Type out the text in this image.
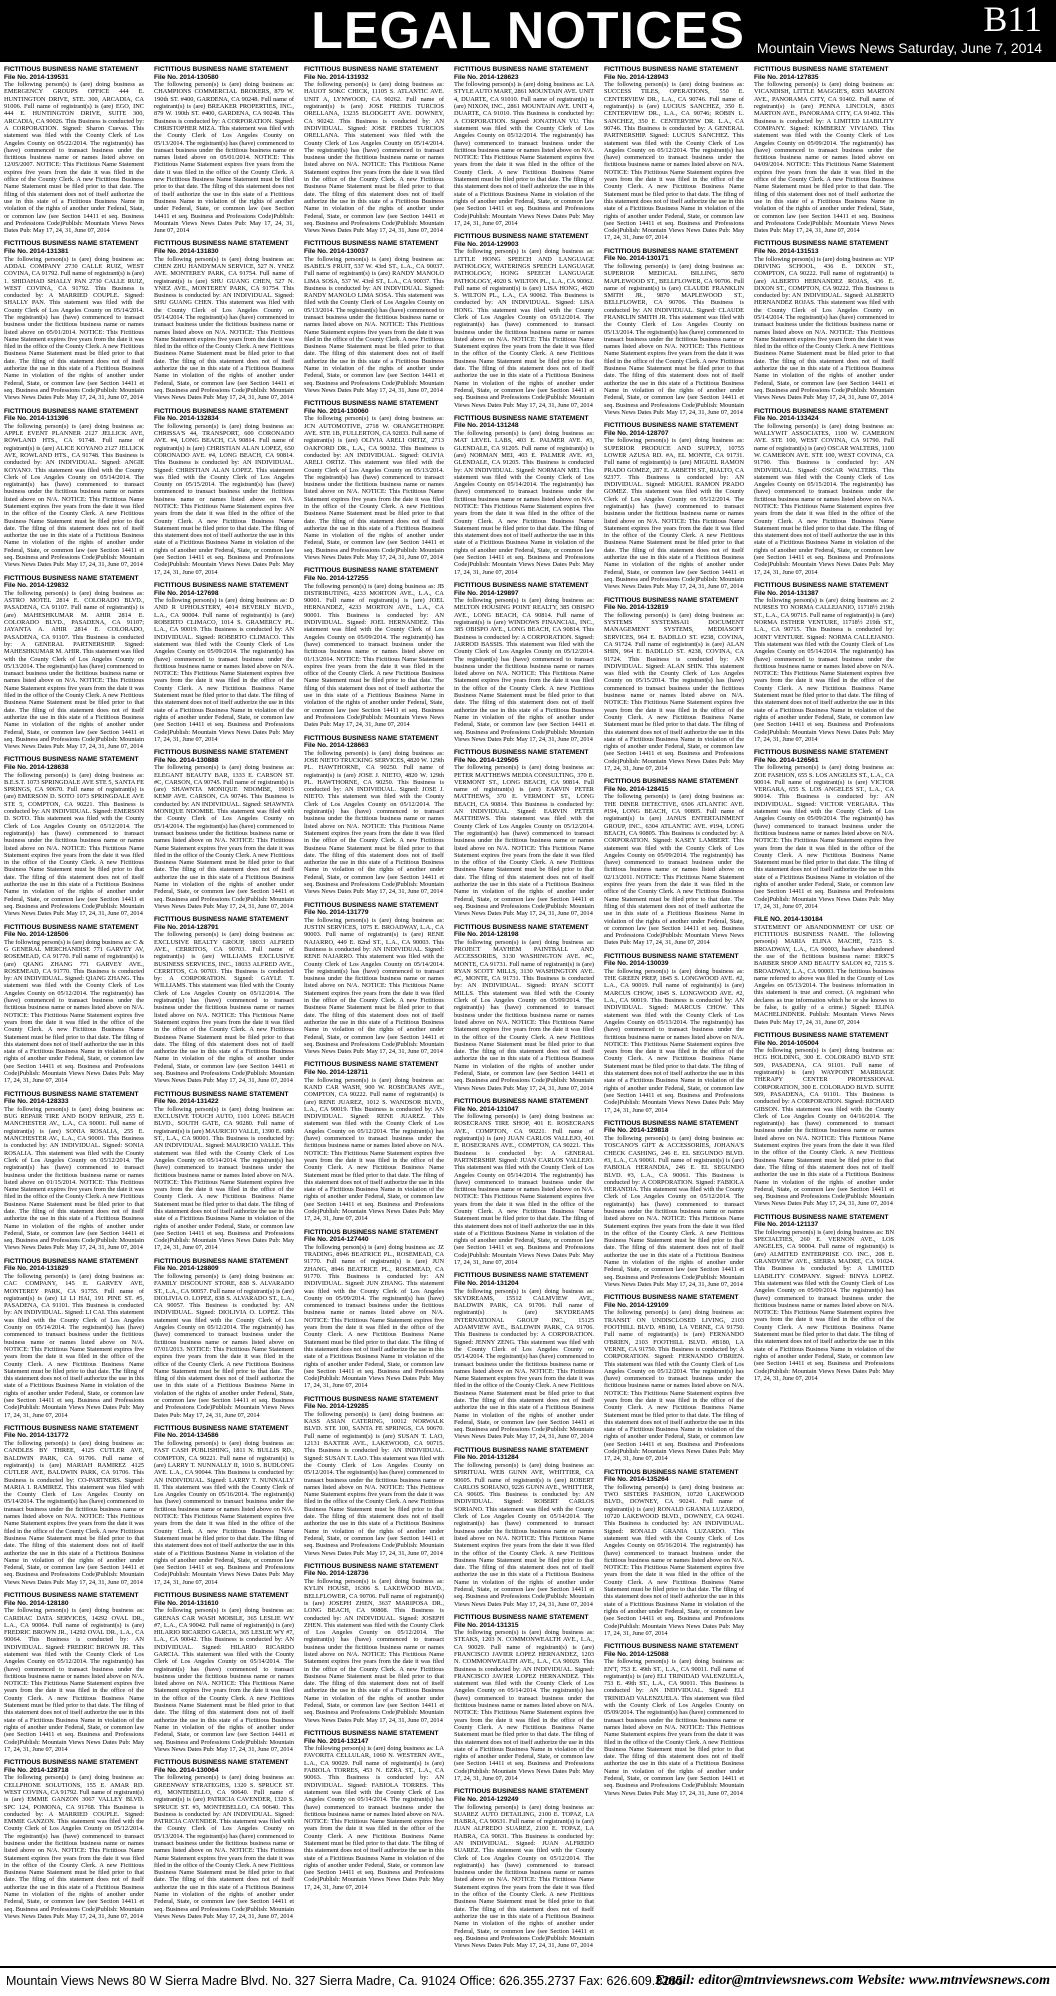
LEGAL NOTICES	B11
Mountain Views News Saturday, June 7, 2014
FICTITIOUS BUSINESS NAME STATEMENT File No. 2014-139531
The following person(s) is (are) doing business as EMERGENCY GROUPS OFFICE 444 E. HUNTINGTON DRIVE, STE. 300, ARCADIA, CA 91006. Full name of registrant(s) is (are) EGO, INC 444 E. HUNTINGTON DRIVE, SUITE 300, ARCADIA, CA 90026. This Business is conducted by: A CORPORATION. Signed: Sharon Cuevas. This statement was filed with the County Clerk of Los Angeles County on 05/22/2014. The registrant(s) has (have) commenced to transact business under the fictitious business name or names listed above on 12/05/2007. NOTICE: This Fictitious Name Statement expires five years from the date it was filed in the office of the County Clerk. A new Fictitious Business Name Statement must be filed prior to that date. The filing of this statement does not of itself authorize the use in this state of a Fictitious Business Name in violation of the rights of another under Federal, State, or common law (see Section 14411 et seq. Business and Professions Code)Publish: Mountain Views News Dates Pub: May 17, 24, 31, June 07, 2014
FICTITIOUS BUSINESS NAME STATEMENT File No. 2014-131381
The following person(s) is (are) doing business as: ADDAL COMPANY 2730 CALLE RUIZ, WEST COVINA, CA 91792. Full name of registrant(s) is (are) 1. SHIDAHAD SHALLY PAN 2730 CALLE RUIZ, WEST COVINA, CA 91792. This Business is conducted by: A MARRIED COUPLE. Signed: SHALLY PAN. This statement was filed with the County Clerk of Los Angeles County on 05/14/2014. The registrant(s) has (have) commenced to transact business under the fictitious business name or names listed above on 05/01/2014. NOTICE: This Fictitious Name Statement expires five years from the date it was filed in the office of the County Clerk. A new Fictitious Business Name Statement must be filed prior to that date. The filing of this statement does not of itself authorize the use in this state of a Fictitious Business Name in violation of the rights of another under Federal, State, or common law (see Section 14411 et seq. Business and Professions Code)Publish: Mountain Views News Dates Pub: May 17, 24, 31, June 07, 2014
FICTITIOUS BUSINESS NAME STATEMENT File No. 2014-131396
The following person(s) is (are) doing business as: APPLE EVENT PLANNER 2127 JELLICK AVE, ROWLAND HTS., CA 91748. Full name of registrant(s) is (are) ALICE KOYANO 2127 JELLICK AVE, ROWLAND HTS., CA 91748. This Business is conducted by: AN INDIVIDUAL. Signed: ANGIE KOYANO. This statement was filed with the County Clerk of Los Angeles County on 05/14/2014. The registrant(s) has (have) commenced to transact business under the fictitious business name or names listed above on N/A. NOTICE: This Fictitious Name Statement expires five years from the date it was filed in the office of the County Clerk. A new Fictitious Business Name Statement must be filed prior to that date. The filing of this statement does not of itself authorize the use in this state of a Fictitious Business Name in violation of the rights of another under Federal, State, or common law (see Section 14411 et seq. Business and Professions Code)Publish: Mountain Views News Dates Pub: May 17, 24, 31, June 07, 2014
FICTITIOUS BUSINESS NAME STATEMENT File No. 2014-129832
The following person(s) is (are) doing business as: ASTRO MOTEL 2814 E. COLORADO BLVD., PASADENA, CA 91107. Full name of registrant(s) is (are) MAHESHKUMAR M. AHIR 2814 E. COLORADO BLVD., PASADENA, CA 91107; JAYANTA A. AHIR 2814 E. COLORADO, PASADENA, CA 91107. This Business is conducted by: A GENERAL PARTNERSHIP. Signed: MAHESHKUMAR M. AHIR. This statement was filed with the County Clerk of Los Angeles County on 05/13/2014. The registrant(s) has (have) commenced to transact business under the fictitious business name or names listed above on N/A. NOTICE: This Fictitious Name Statement expires five years from the date it was filed in the office of the County Clerk. A new Fictitious Business Name Statement must be filed prior to that date. The filing of this statement does not of itself authorize the use in this state of a Fictitious Business Name in violation of the rights of another under Federal, State, or common law (see Section 14411 et seq. Business and Professions Code)Publish: Mountain Views News Dates Pub: May 17, 24, 31, June 07, 2014
FICTITIOUS BUSINESS NAME STATEMENT File No. 2014-128638
The following person(s) is (are) doing business as: B.E.S.T. 1073 SPRINGDALE AVE STE 5, SANTA FE SPRINGS, CA 90670. Full name of registrant(s) is (are) EMERSON D. SOTO 1073 SPRINGDALE AVE STE 5, COMPTON, CA 90221. This Business is conducted by: AN INDIVIDUAL. Signed: EMERSON D. SOTO. This statement was filed with the County Clerk of Los Angeles County on 05/12/2014. The registrant(s) has (have) commenced to transact business under the fictitious business name or names listed above on N/A. NOTICE: This Fictitious Name Statement expires five years from the date it was filed in the office of the County Clerk. A new Fictitious Business Name Statement must be filed prior to that date. The filing of this statement does not of itself authorize the use in this state of a Fictitious Business Name in violation of the rights of another under Federal, State, or common law (see Section 14411 et seq. Business and Professions Code)Publish: Mountain Views News Dates Pub: May 17, 24, 31, June 07, 2014
FICTITIOUS BUSINESS NAME STATEMENT File No. 2014-128506
The following person(s) is (are) doing business as: C & G GENERAL MERCHANDISE 771 GARVEY AV, ROSEMEAD, CA 91770. Full name of registrant(s) is (are) QIANG ZHANG 771 GARVEY AVE., ROSEMEAD, CA 91770. This Business is conducted by: AN INDIVIDUAL. Signed: QIANG ZHANG. This statement was filed with the County Clerk of Los Angeles County on 05/12/2014. The registrant(s) has (have) commenced to transact business under the fictitious business name or names listed above on N/A. NOTICE: This Fictitious Name Statement expires five years from the date it was filed in the office of the County Clerk. A new Fictitious Business Name Statement must be filed prior to that date. The filing of this statement does not of itself authorize the use in this state of a Fictitious Business Name in violation of the rights of another under Federal, State, or common law (see Section 14411 et seq. Business and Professions Code)Publish: Mountain Views News Dates Pub: May 17, 24, 31, June 07, 2014
FICTITIOUS BUSINESS NAME STATEMENT File No. 2014-128333
The following person(s) is (are) doing business as: BUG REPAIR TIRE AND BODY REPAIR, 255 E. MANCHESTER AV., L.A., CA 90001. Full name of registrant(s) is (are) SONIA ROSALIA, 255 E. MANCHESTER AV., L.A., CA 90001. This Business is conducted by: AN INDIVIDUAL. Signed: SONIA ROSALIA. This statement was filed with the County Clerk of Los Angeles County on 05/12/2014. The registrant(s) has (have) commenced to transact business under the fictitious business name or names listed above on 01/15/2014. NOTICE: This Fictitious Name Statement expires five years from the date it was filed in the office of the County Clerk. A new Fictitious Business Name Statement must be filed prior to that date. The filing of this statement does not of itself authorize the use in this state of a Fictitious Business Name in violation of the rights of another under Federal, State, or common law (see Section 14411 et seq. Business and Professions Code)Publish: Mountain Views News Dates Pub: May 17, 24, 31, June 07, 2014
FICTITIOUS BUSINESS NAME STATEMENT File No. 2014-131829
The following person(s) is (are) doing business as: CAC COMPANY, 145 E. GARVEY AVE, MONTEREY PARK, CA 91755. Full name of registrant(s) is (are) LI LI HAI, 191 PINE ST. #5, PASADENA, CA 91101. This Business is conducted by: AN INDIVIDUAL. Signed: LI CAI. This statement was filed with the County Clerk of Los Angeles County on 05/14/2014. The registrant(s) has (have) commenced to transact business under the fictitious business name or names listed above on N/A. NOTICE: This Fictitious Name Statement expires five years from the date it was filed in the office of the County Clerk. A new Fictitious Business Name Statement must be filed prior to that date. The filing of this statement does not of itself authorize the use in this state of a Fictitious Business Name in violation of the rights of another under Federal, State, or common law (see Section 14411 et seq. Business and Professions Code)Publish: Mountain Views News Dates Pub: May 17, 24, 31, June 07, 2014
FICTITIOUS BUSINESS NAME STATEMENT File No. 2014-131772
The following person(s) is (are) doing business as: CANDLES BY THREE, 4125 CUTLER AVE, BALDWIN PARK, CA 91706. Full name of registrant(s) is (are) MARIAH RAMIREZ 4125 CUTLER AVE, BALDWIN PARK, CA 91706. This Business is conducted by: CO-PARTNERS. Signed: MARIA I. RAMIREZ. This statement was filed with the County Clerk of Los Angeles County on 05/14/2014. The registrant(s) has (have) commenced to transact business under the fictitious business name or names listed above on N/A. NOTICE: This Fictitious Name Statement expires five years from the date it was filed in the office of the County Clerk. A new Fictitious Business Name Statement must be filed prior to that date. The filing of this statement does not of itself authorize the use in this state of a Fictitious Business Name in violation of the rights of another under Federal, State, or common law (see Section 14411 et seq. Business and Professions Code)Publish: Mountain Views News Dates Pub: May 17, 24, 31, June 07, 2014
FICTITIOUS BUSINESS NAME STATEMENT File No. 2014-128180
The following person(s) is (are) doing business as: CARDIAC DATA SERVICES, 14292 OVAL DR., L.A., CA 90064. Full name of registrant(s) is (are) FREDRIC BROWN JR., 14292 OVAL DR., L.A., CA 90064. This Business is conducted by: AN INDIVIDUAL. Signed: FREDRIC BROWN JR. This statement was filed with the County Clerk of Los Angeles County on 05/12/2014. The registrant(s) has (have) commenced to transact business under the fictitious business name or names listed above on N/A. NOTICE: This Fictitious Name Statement expires five years from the date it was filed in the office of the County Clerk. A new Fictitious Business Name Statement must be filed prior to that date. The filing of this statement does not of itself authorize the use in this state of a Fictitious Business Name in violation of the rights of another under Federal, State, or common law (see Section 14411 et seq. Business and Professions Code)Publish: Mountain Views News Dates Pub: May 17, 24, 31, June 07, 2014
FICTITIOUS BUSINESS NAME STATEMENT File No. 2014-128718
The following person(s) is (are) doing business as: CELLPHONE SOLUTIONS, 155 E. AMAR RD. WEST COVINA, CA 91792. Full name of registrant(s) is (are) EMMIE GANZON 3067 VALLEY BLVD. SPC 124, POMONA, CA 91768. This Business is conducted by: A MARRIED COUPLE. Signed: EMMIE GANZON. This statement was filed with the County Clerk of Los Angeles County on 05/12/2014. The registrant(s) has (have) commenced to transact business under the fictitious business name or names listed above on N/A. NOTICE: This Fictitious Name Statement expires five years from the date it was filed in the office of the County Clerk. A new Fictitious Business Name Statement must be filed prior to that date. The filing of this statement does not of itself authorize the use in this state of a Fictitious Business Name in violation of the rights of another under Federal, State, or common law (see Section 14411 et seq. Business and Professions Code)Publish: Mountain Views News Dates Pub: May 17, 24, 31, June 07, 2014
FICTITIOUS BUSINESS NAME STATEMENT File No. 2014-130580
The following person(s) is (are) doing business as: CHAMPIONS COMMERCIAL BROKERS, 879 W. 190th ST. #400, GARDENA, CA 90248. Full name of registrant(s) is (are) BREAKER PROPERTIES, INC., 879 W. 190th ST. #400, GARDENA, CA 90248. This Business is conducted by: A CORPORATION. Signed: CHRISTOPHER MIZA. This statement was filed with the County Clerk of Los Angeles County on 05/13/2014. The registrant(s) has (have) commenced to transact business under the fictitious business name or names listed above on 05/01/2014. NOTICE: This Fictitious Name Statement expires five years from the date it was filed in the office of the County Clerk. A new Fictitious Business Name Statement must be filed prior to that date. The filing of this statement does not of itself authorize the use in this state of a Fictitious Business Name in violation of the rights of another under Federal, State, or common law (see Section 14411 et seq. Business and Professions Code)Publish: Mountain Views News Dates Pub: May 17, 24, 31, June 07, 2014
FICTITIOUS BUSINESS NAME STATEMENT File No. 2014-131830
The following person(s) is (are) doing business as: CHEN ZHU HANDYMAN SERVICE, 527 N. YNEZ AVE. MONTEREY PARK, CA 91754. Full name of registrant(s) is (are) SHU GUANG CHEN, 527 N. YNEZ AVE., MONTEREY PARK, CA 91754. This Business is conducted by: AN INDIVIDUAL. Signed: SHU GUANG CHEN. This statement was filed with the County Clerk of Los Angeles County on 05/14/2014. The registrant(s) has (have) commenced to transact business under the fictitious business name or names listed above on N/A. NOTICE: This Fictitious Name Statement expires five years from the date it was filed in the office of the County Clerk. A new Fictitious Business Name Statement must be filed prior to that date. The filing of this statement does not of itself authorize the use in this state of a Fictitious Business Name in violation of the rights of another under Federal, State, or common law (see Section 14411 et seq. Business and Professions Code)Publish: Mountain Views News Dates Pub: May 17, 24, 31, June 07, 2014
FICTITIOUS BUSINESS NAME STATEMENT File No. 2014-132834
The following person(s) is (are) doing business as: CHRISSA'S 44, TRANSPORT, 600 CORONADO AVE. #4, LONG BEACH, CA 90814. Full name of registrant(s) is (are) CHRISTIAN ALAN LOPEZ, 650 CORONADO AVE. #4, LONG BEACH, CA 90814. This Business is conducted by: AN INDIVIDUAL. Signed: CHRISTIAN ALAN LOPEZ. This statement was filed with the County Clerk of Los Angeles County on 05/15/2014. The registrant(s) has (have) commenced to transact business under the fictitious business name or names listed above on N/A. NOTICE: This Fictitious Name Statement expires five years from the date it was filed in the office of the County Clerk. A new Fictitious Business Name Statement must be filed prior to that date. The filing of this statement does not of itself authorize the use in this state of a Fictitious Business Name in violation of the rights of another under Federal, State, or common law (see Section 14411 et seq. Business and Professions Code)Publish: Mountain Views News Dates Pub: May 17, 24, 31, June 07, 2014
FICTITIOUS BUSINESS NAME STATEMENT File No. 2014-127698
The following person(s) is (are) doing business as: D AND R UPHOLSTERY, 4014 BEVERLY BLVD., L.A., CA 90004. Full name of registrant(s) is (are) ROBERTO CLIMACO, 1014 S. GRAMERCY PL. L.A., CA 90019. This Business is conducted by: AN INDIVIDUAL. Signed: ROBERTO CLIMACO. This statement was filed with the County Clerk of Los Angeles County on 05/09/2014. The registrant(s) has (have) commenced to transact business under the fictitious business name or names listed above on N/A. NOTICE: This Fictitious Name Statement expires five years from the date it was filed in the office of the County Clerk. A new Fictitious Business Name Statement must be filed prior to that date. The filing of this statement does not of itself authorize the use in this state of a Fictitious Business Name in violation of the rights of another under Federal, State, or common law (see Section 14411 et seq. Business and Professions Code)Publish: Mountain Views News Dates Pub: May 17, 24, 31, June 07, 2014
FICTITIOUS BUSINESS NAME STATEMENT File No. 2014-130888
The following person(s) is (are) doing business as: ELEGANT BEAUTY BAR, 1333 E. CARSON ST. #C, CARSON, CA 90745. Full name of registrant(s) is (are) SHAWNTA MONIQUE NDOMBE, 19015 KEMP AVE. CARSON, CA 90746. This Business is conducted by: AN INDIVIDUAL. Signed: SHAWNTA MONIQUE NDOMBE. This statement was filed with the County Clerk of Los Angeles County on 05/14/2014. The registrant(s) has (have) commenced to transact business under the fictitious business name or names listed above on N/A. NOTICE: This Fictitious Name Statement expires five years from the date it was filed in the office of the County Clerk. A new Fictitious Business Name Statement must be filed prior to that date. The filing of this statement does not of itself authorize the use in this state of a Fictitious Business Name in violation of the rights of another under Federal, State, or common law (see Section 14411 et seq. Business and Professions Code)Publish: Mountain Views News Dates Pub: May 17, 24, 31, June 07, 2014
FICTITIOUS BUSINESS NAME STATEMENT File No. 2014-128791
The following person(s) is (are) doing business as: EXCLUSIVE REALTY GROUP, 18033 ALFRED AVE., CERRITOS, CA 90703. Full name of registrant(s) is (are) WILLIAMS EXCLUSIVE BUSINESS SERVICES, INC., 18033 ALFRED AVE., CERRITOS, CA 90703. This Business is conducted by: A CORPORATION. Signed: GAYLE T. WILLIAMS. This statement was filed with the County Clerk of Los Angeles County on 05/12/2014. The registrant(s) has (have) commenced to transact business under the fictitious business name or names listed above on N/A. NOTICE: This Fictitious Name Statement expires five years from the date it was filed in the office of the County Clerk. A new Fictitious Business Name Statement must be filed prior to that date. The filing of this statement does not of itself authorize the use in this state of a Fictitious Business Name in violation of the rights of another under Federal, State, or common law (see Section 14411 et seq. Business and Professions Code)Publish: Mountain Views News Dates Pub: May 17, 24, 31, June 07, 2014
FICTITIOUS BUSINESS NAME STATEMENT File No. 2014-131422
The following person(s) is (are) doing business as: EXCLUSIVE TOUCH AUTO, 1101 LONG BEACH BLVD., SOUTH GATE, CA 90280. Full name of registrant(s) is (are) MAURICIO VALLE, 1390 E. 68th ST., L.A., CA 90001. This Business is conducted by: AN INDIVIDUAL. Signed: MAURICIO VALLE. This statement was filed with the County Clerk of Los Angeles County on 05/14/2014. The registrant(s) has (have) commenced to transact business under the fictitious business name or names listed above on N/A. NOTICE: This Fictitious Name Statement expires five years from the date it was filed in the office of the County Clerk. A new Fictitious Business Name Statement must be filed prior to that date. The filing of this statement does not of itself authorize the use in this state of a Fictitious Business Name in violation of the rights of another under Federal, State, or common law (see Section 14411 et seq. Business and Professions Code)Publish: Mountain Views News Dates Pub: May 17, 24, 31, June 07, 2014
FICTITIOUS BUSINESS NAME STATEMENT File No. 2014-128809
The following person(s) is (are) doing business as: FAMILY DISCOUNT STORE, 838 S. ALVARADO ST., L.A., CA 90057. Full name of registrant(s) is (are) DIOLIVIA O. LOPEZ, 838 S. ALVARADO ST., L.A., CA 90057. This Business is conducted by: AN INDIVIDUAL. Signed: DIOLIVIA O. LOPEZ. This statement was filed with the County Clerk of Los Angeles County on 05/12/2014. The registrant(s) has (have) commenced to transact business under the fictitious business name or names listed above on 07/01/2013. NOTICE: This Fictitious Name Statement expires five years from the date it was filed in the office of the County Clerk. A new Fictitious Business Name Statement must be filed prior to that date. The filing of this statement does not of itself authorize the use in this state of a Fictitious Business Name in violation of the rights of another under Federal, State, or common law (see Section 14411 et seq. Business and Professions Code)Publish: Mountain Views News Dates Pub: May 17, 24, 31, June 07, 2014
FICTITIOUS BUSINESS NAME STATEMENT File No. 2014-134586
The following person(s) is (are) doing business as: FAST CASH PUBLISHING, 1811 N. BULLIS RD., COMPTON, CA 90221. Full name of registrant(s) is (are) LARRY T. NUNNALLY II, 1010 S. BUDLONG AVE. L.A., CA 90044. This Business is conducted by: AN INDIVIDUAL. Signed: LARRY T. NUNNALLY II. This statement was filed with the County Clerk of Los Angeles County on 05/16/2014. The registrant(s) has (have) commenced to transact business under the fictitious business name or names listed above on N/A. NOTICE: This Fictitious Name Statement expires five years from the date it was filed in the office of the County Clerk. A new Fictitious Business Name Statement must be filed prior to that date. The filing of this statement does not of itself authorize the use in this state of a Fictitious Business Name in violation of the rights of another under Federal, State, or common law (see Section 14411 et seq. Business and Professions Code)Publish: Mountain Views News Dates Pub: May 17, 24, 31, June 07, 2014
FICTITIOUS BUSINESS NAME STATEMENT File No. 2014-131610
The following person(s) is (are) doing business as: GRENAS CAR WASH MOBILE, 365 LESLIE WY #7, L.A., CA 90042. Full name of registrant(s) is (are) HILARIO RICARDO GARCIA, 365 LESLIE WY #7, L.A., CA 90042. This Business is conducted by: AN INDIVIDUAL. Signed: HILARIO RICARDO GARCIA. This statement was filed with the County Clerk of Los Angeles County on 05/14/2014. The registrant(s) has (have) commenced to transact business under the fictitious business name or names listed above on N/A. NOTICE: This Fictitious Name Statement expires five years from the date it was filed in the office of the County Clerk. A new Fictitious Business Name Statement must be filed prior to that date. The filing of this statement does not of itself authorize the use in this state of a Fictitious Business Name in violation of the rights of another under Federal, State, or common law (see Section 14411 et seq. Business and Professions Code)Publish: Mountain Views News Dates Pub: May 17, 24, 31, June 07, 2014
FICTITIOUS BUSINESS NAME STATEMENT File No. 2014-130064
The following person(s) is (are) doing business as: GREENWAY STRATEGIES, 1320 S. SPRUCE ST. #3, MONTEBELLO, CA 90640. Full name of registrant(s) is (are) PATRICIA CAVENDER, 1320 S. SPRUCE ST. #3, MONTEBELLO, CA 90640. This Business is conducted by: AN INDIVIDUAL. Signed: PATRICIA CAVENDER. This statement was filed with the County Clerk of Los Angeles County on 05/13/2014. The registrant(s) has (have) commenced to transact business under the fictitious business name or names listed above on N/A. NOTICE: This Fictitious Name Statement expires five years from the date it was filed in the office of the County Clerk. A new Fictitious Business Name Statement must be filed prior to that date. The filing of this statement does not of itself authorize the use in this state of a Fictitious Business Name in violation of the rights of another under Federal, State, or common law (see Section 14411 et seq. Business and Professions Code)Publish: Mountain Views News Dates Pub: May 17, 24, 31, June 07, 2014
FICTITIOUS BUSINESS NAME STATEMENT File No. 2014-131932
The following person(s) is (are) doing business as: HAUOT SOKC CHICK, 11105 S. ATLANTIC AVE. UNIT A, LYNWOOD, CA 90262. Full name of registrant(s) is (are) JOSE FREDIS TURCIOS ORELLANA, 13235 BLODGETT AVE. DOWNEY, CA 90242. This Business is conducted by: AN INDIVIDUAL. Signed: JOSE FREDIS TURCIOS ORELLANA. This statement was filed with the County Clerk of Los Angeles County on 05/14/2014. The registrant(s) has (have) commenced to transact business under the fictitious business name or names listed above on N/A. NOTICE: This Fictitious Name Statement expires five years from the date it was filed in the office of the County Clerk. A new Fictitious Business Name Statement must be filed prior to that date. The filing of this statement does not of itself authorize the use in this state of a Fictitious Business Name in violation of the rights of another under Federal, State, or common law (see Section 14411 et seq. Business and Professions Code)Publish: Mountain Views News Dates Pub: May 17, 24, 31, June 07, 2014
FICTITIOUS BUSINESS NAME STATEMENT File No. 2014-130037
The following person(s) is (are) doing business as: ISABEL'S FRUIT, 537 W. 43rd ST., L.A., CA 90037. Full name of registrant(s) is (are) RANDY MANOLO LIMA SOSA, 537 W. 43rd ST., L.A., CA 90037. This Business is conducted by: AN INDIVIDUAL. Signed: RANDY MANOLO LIMA SOSA. This statement was filed with the County Clerk of Los Angeles County on 05/13/2014. The registrant(s) has (have) commenced to transact business under the fictitious business name or names listed above on N/A. NOTICE: This Fictitious Name Statement expires five years from the date it was filed in the office of the County Clerk. A new Fictitious Business Name Statement must be filed prior to that date. The filing of this statement does not of itself authorize the use in this state of a Fictitious Business Name in violation of the rights of another under Federal, State, or common law (see Section 14411 et seq. Business and Professions Code)Publish: Mountain Views News Dates Pub: May 17, 24, 31, June 07, 2014
FICTITIOUS BUSINESS NAME STATEMENT File No. 2014-130060
The following person(s) is (are) doing business as: JCN AUTOMOTIVE, 2718 W. ORANGETHORPE AVE. STE 1B, FULLERTON, CA 92833. Full name of registrant(s) is (are) OLIVIA ARELI ORTIZ, 2713 OAKFORD DR., L.A., CA 90032. This Business is conducted by: AN INDIVIDUAL. Signed: OLIVIA ARELI ORTIZ. This statement was filed with the County Clerk of Los Angeles County on 05/13/2014. The registrant(s) has (have) commenced to transact business under the fictitious business name or names listed above on N/A. NOTICE: This Fictitious Name Statement expires five years from the date it was filed in the office of the County Clerk. A new Fictitious Business Name Statement must be filed prior to that date. The filing of this statement does not of itself authorize the use in this state of a Fictitious Business Name in violation of the rights of another under Federal, State, or common law (see Section 14411 et seq. Business and Professions Code)Publish: Mountain Views News Dates Pub: May 17, 24, 31, June 07, 2014
FICTITIOUS BUSINESS NAME STATEMENT File No. 2014-127255
The following person(s) is (are) doing business as: JB DISTRIBUTING, 4233 MORTON AVE., L.A., CA 90001. Full name of registrant(s) is (are) JOEL HERNANDEZ, 4233 MORTON AVE., L.A., CA 90001. This Business is conducted by: AN INDIVIDUAL. Signed: JOEL HERNANDEZ. This statement was filed with the County Clerk of Los Angeles County on 05/09/2014. The registrant(s) has (have) commenced to transact business under the fictitious business name or names listed above on 01/13/2014. NOTICE: This Fictitious Name Statement expires five years from the date it was filed in the office of the County Clerk. A new Fictitious Business Name Statement must be filed prior to that date. The filing of this statement does not of itself authorize the use in this state of a Fictitious Business Name in violation of the rights of another under Federal, State, or common law (see Section 14411 et seq. Business and Professions Code)Publish: Mountain Views News Dates Pub: May 17, 24, 31, June 07, 2014
FICTITIOUS BUSINESS NAME STATEMENT File No. 2014-128663
The following person(s) is (are) doing business as: JOSE NIETO TRUCKING SERVICES, 4820 W. 129th PL. HAWTHORNE, CA 90250. Full name of registrant(s) is (are) JOSE J. NIETO, 4820 W. 129th PL. HAWTHORNE, CA 90250. This Business is conducted by: AN INDIVIDUAL. Signed: JOSE J. NIETO. This statement was filed with the County Clerk of Los Angeles County on 05/12/2014. The registrant(s) has (have) commenced to transact business under the fictitious business name or names listed above on N/A. NOTICE: This Fictitious Name Statement expires five years from the date it was filed in the office of the County Clerk. A new Fictitious Business Name Statement must be filed prior to that date. The filing of this statement does not of itself authorize the use in this state of a Fictitious Business Name in violation of the rights of another under Federal, State, or common law (see Section 14411 et seq. Business and Professions Code)Publish: Mountain Views News Dates Pub: May 17, 24, 31, June 07, 2014
FICTITIOUS BUSINESS NAME STATEMENT File No. 2014-131779
The following person(s) is (are) doing business as: JUSTIN SERVICES, 1075 E. BROADWAY, L.A., CA 90003. Full name of registrant(s) is (are) RENE NAJARRO, 449 E. 82nd ST., L.A., CA 90003. This Business is conducted by: AN INDIVIDUAL. Signed: RENE NAJARRO. This statement was filed with the County Clerk of Los Angeles County on 05/14/2014. The registrant(s) has (have) commenced to transact business under the fictitious business name or names listed above on N/A. NOTICE: This Fictitious Name Statement expires five years from the date it was filed in the office of the County Clerk. A new Fictitious Business Name Statement must be filed prior to that date. The filing of this statement does not of itself authorize the use in this state of a Fictitious Business Name in violation of the rights of another under Federal, State, or common law (see Section 14411 et seq. Business and Professions Code)Publish: Mountain Views News Dates Pub: May 17, 24, 31, June 07, 2014
FICTITIOUS BUSINESS NAME STATEMENT File No. 2014-128711
The following person(s) is (are) doing business as: KAND CAR WASH, 900 W. ROSECRANS AVE., COMPTON, CA 90222. Full name of registrant(s) is (are) RENE JUAREZ, 1012 S. WANDSOR BLVD., L.A., CA 90019. This Business is conducted by: AN INDIVIDUAL. Signed: RENE JUAREZ. This statement was filed with the County Clerk of Los Angeles County on 05/12/2014. The registrant(s) has (have) commenced to transact business under the fictitious business name or names listed above on N/A. NOTICE: This Fictitious Name Statement expires five years from the date it was filed in the office of the County Clerk. A new Fictitious Business Name Statement must be filed prior to that date. The filing of this statement does not of itself authorize the use in this state of a Fictitious Business Name in violation of the rights of another under Federal, State, or common law (see Section 14411 et seq. Business and Professions Code)Publish: Mountain Views News Dates Pub: May 17, 24, 31, June 07, 2014
FICTITIOUS BUSINESS NAME STATEMENT File No. 2014-127440
The following person(s) is (are) doing business as: JZ TRADING, 8946 BEATRICE PL., ROSEMEAD, CA 91770. Full name of registrant(s) is (are) JUN ZHANG, 8946 BEATRICE PL., ROSEMEAD, CA 91770. This Business is conducted by: AN INDIVIDUAL. Signed: JUN ZHANG. This statement was filed with the County Clerk of Los Angeles County on 05/09/2014. The registrant(s) has (have) commenced to transact business under the fictitious business name or names listed above on N/A. NOTICE: This Fictitious Name Statement expires five years from the date it was filed in the office of the County Clerk. A new Fictitious Business Name Statement must be filed prior to that date. The filing of this statement does not of itself authorize the use in this state of a Fictitious Business Name in violation of the rights of another under Federal, State, or common law (see Section 14411 et seq. Business and Professions Code)Publish: Mountain Views News Dates Pub: May 17, 24, 31, June 07, 2014
FICTITIOUS BUSINESS NAME STATEMENT File No. 2014-129285
The following person(s) is (are) doing business as: KASS ASIAN CATERING, 10012 NORWALK BLVD. STE 100, SANTA FE SPRINGS, CA 90670. Full name of registrant(s) is (are) SUSAN T. LAO, 12131 BAXTER AVE., LAKEWOOD, CA 90715. This Business is conducted by: AN INDIVIDUAL. Signed: SUSAN T. LAO. This statement was filed with the County Clerk of Los Angeles County on 05/12/2014. The registrant(s) has (have) commenced to transact business under the fictitious business name or names listed above on N/A. NOTICE: This Fictitious Name Statement expires five years from the date it was filed in the office of the County Clerk. A new Fictitious Business Name Statement must be filed prior to that date. The filing of this statement does not of itself authorize the use in this state of a Fictitious Business Name in violation of the rights of another under Federal, State, or common law (see Section 14411 et seq. Business and Professions Code)Publish: Mountain Views News Dates Pub: May 17, 24, 31, June 07, 2014
FICTITIOUS BUSINESS NAME STATEMENT File No. 2014-128736
The following person(s) is (are) doing business as: KYLIN HOUSE, 16306 S. LAKEWOOD BLVD., BELLFLOWER, CA 90706. Full name of registrant(s) is (are) JOSEPH ZHEN, 3637 MARIPOSA DR., LONG BEACH, CA 90808. This Business is conducted by: AN INDIVIDUAL. Signed: JOSEPH ZHEN. This statement was filed with the County Clerk of Los Angeles County on 05/12/2014. The registrant(s) has (have) commenced to transact business under the fictitious business name or names listed above on N/A. NOTICE: This Fictitious Name Statement expires five years from the date it was filed in the office of the County Clerk. A new Fictitious Business Name Statement must be filed prior to that date. The filing of this statement does not of itself authorize the use in this state of a Fictitious Business Name in violation of the rights of another under Federal, State, or common law (see Section 14411 et seq. Business and Professions Code)Publish: Mountain Views News Dates Pub: May 17, 24, 31, June 07, 2014
FICTITIOUS BUSINESS NAME STATEMENT File No. 2014-132147
The following person(s) is (are) doing business as: LA FAVORITA CELLULAR, 1060 N. WESTERN AVE., L.A., CA 90029. Full name of registrant(s) is (are) FABIOLA TORRES, 453 N. EZRA ST., L.A., CA 90063. This Business is conducted by: AN INDIVIDUAL. Signed: FABIOLA TORRES. This statement was filed with the County Clerk of Los Angeles County on 05/14/2014. The registrant(s) has (have) commenced to transact business under the fictitious business name or names listed above on N/A. NOTICE: This Fictitious Name Statement expires five years from the date it was filed in the office of the County Clerk. A new Fictitious Business Name Statement must be filed prior to that date. The filing of this statement does not of itself authorize the use in this state of a Fictitious Business Name in violation of the rights of another under Federal, State, or common law (see Section 14411 et seq. Business and Professions Code)Publish: Mountain Views News Dates Pub: May 17, 24, 31, June 07, 2014
FICTITIOUS BUSINESS NAME STATEMENT File No. 2014-128623
The following person(s) is (are) doing business as: LA STYLE AUTO MART, 2861 MOUNTAIN AVE. UNIT 4, DUARTE, CA 91010. Full name of registrant(s) is (are) NIXON, INC., 2861 MOUNTAIN AVE. UNIT 4, DUARTE, CA 91010. This Business is conducted by: A CORPORATION. Signed: JONATHAN VU. This statement was filed with the County Clerk of Los Angeles County on 05/12/2014. The registrant(s) has (have) commenced to transact business under the fictitious business name or names listed above on N/A. NOTICE: This Fictitious Name Statement expires five years from the date it was filed in the office of the County Clerk. A new Fictitious Business Name Statement must be filed prior to that date. The filing of this statement does not of itself authorize the use in this state of a Fictitious Business Name in violation of the rights of another under Federal, State, or common law (see Section 14411 et seq. Business and Professions Code)Publish: Mountain Views News Dates Pub: May 17, 24, 31, June 07, 2014
FICTITIOUS BUSINESS NAME STATEMENT File No. 2014-129903
The following person(s) is (are) doing business as: LITTLE HONG SPEECH AND LANGUAGE PATHOLOGY, WATERINGS SPEECH LANGUAGE PATHOLOGY, HONG SPEECH LANGUAGE PATHOLOGY, 4920 S. WILTON PL., L.A., CA 90062. Full name of registrant(s) is (are) LISA HONG, 4920 S. WILTON PL., L.A., CA 90062. This Business is conducted by: AN INDIVIDUAL. Signed: LISA HONG. This statement was filed with the County Clerk of Los Angeles County on 05/12/2014. The registrant(s) has (have) commenced to transact business under the fictitious business name or names listed above on N/A. NOTICE: This Fictitious Name Statement expires five years from the date it was filed in the office of the County Clerk. A new Fictitious Business Name Statement must be filed prior to that date. The filing of this statement does not of itself authorize the use in this state of a Fictitious Business Name in violation of the rights of another under Federal, State, or common law (see Section 14411 et seq. Business and Professions Code)Publish: Mountain Views News Dates Pub: May 17, 24, 31, June 07, 2014
FICTITIOUS BUSINESS NAME STATEMENT File No. 2014-131248
The following person(s) is (are) doing business as: MAT LEVEL LABS, 403 E. PALMER AVE. #3, GLENDALE, CA 91205. Full name of registrant(s) is (are) NORMAN MEI, 403 E. PALMER AVE. #3, GLENDALE, CA 91205. This Business is conducted by: AN INDIVIDUAL. Signed: NORMAN MEI. This statement was filed with the County Clerk of Los Angeles County on 05/14/2014. The registrant(s) has (have) commenced to transact business under the fictitious business name or names listed above on N/A. NOTICE: This Fictitious Name Statement expires five years from the date it was filed in the office of the County Clerk. A new Fictitious Business Name Statement must be filed prior to that date. The filing of this statement does not of itself authorize the use in this state of a Fictitious Business Name in violation of the rights of another under Federal, State, or common law (see Section 14411 et seq. Business and Professions Code)Publish: Mountain Views News Dates Pub: May 17, 24, 31, June 07, 2014
FICTITIOUS BUSINESS NAME STATEMENT File No. 2014-129897
The following person(s) is (are) doing business as: MELTON HOUSING POINT REALTY, 385 OBISPO AVE., LONG BEACH, CA 90814. Full name of registrant(s) is (are) WINDOWS FINANCIAL, INC., 385 OBISPO AVE., LONG BEACH, CA 90814. This Business is conducted by: A CORPORATION. Signed: JARROD BASSIS. This statement was filed with the County Clerk of Los Angeles County on 05/12/2014. The registrant(s) has (have) commenced to transact business under the fictitious business name or names listed above on N/A. NOTICE: This Fictitious Name Statement expires five years from the date it was filed in the office of the County Clerk. A new Fictitious Business Name Statement must be filed prior to that date. The filing of this statement does not of itself authorize the use in this state of a Fictitious Business Name in violation of the rights of another under Federal, State, or common law (see Section 14411 et seq. Business and Professions Code)Publish: Mountain Views News Dates Pub: May 17, 24, 31, June 07, 2014
FICTITIOUS BUSINESS NAME STATEMENT File No. 2014-129505
The following person(s) is (are) doing business as: PETER MATTHEWS MEDIA CONSULTING, 370 E. VERMONT ST., LONG BEACH, CA 90814. Full name of registrant(s) is (are) EARVIN PETER MATTHEWS, 370 E. VERMONT ST., LONG BEACH, CA 90814. This Business is conducted by: AN INDIVIDUAL. Signed: EARVIN PETER MATTHEWS. This statement was filed with the County Clerk of Los Angeles County on 05/12/2014. The registrant(s) has (have) commenced to transact business under the fictitious business name or names listed above on N/A. NOTICE: This Fictitious Name Statement expires five years from the date it was filed in the office of the County Clerk. A new Fictitious Business Name Statement must be filed prior to that date. The filing of this statement does not of itself authorize the use in this state of a Fictitious Business Name in violation of the rights of another under Federal, State, or common law (see Section 14411 et seq. Business and Professions Code)Publish: Mountain Views News Dates Pub: May 17, 24, 31, June 07, 2014
FICTITIOUS BUSINESS NAME STATEMENT File No. 2014-128198
The following person(s) is (are) doing business as: PROJECT MAYHEM PAINTBALL AND ACCESSORIES, 3130 WASHINGTON AVE. #C, MONTE, CA 91731. Full name of registrant(s) is (are) RYAN SCOTT MILLS, 3130 WASHINGTON AVE. #C, MONTE, CA 91731. This Business is conducted by: AN INDIVIDUAL. Signed: RYAN SCOTT MILLS. This statement was filed with the County Clerk of Los Angeles County on 05/09/2014. The registrant(s) has (have) commenced to transact business under the fictitious business name or names listed above on N/A. NOTICE: This Fictitious Name Statement expires five years from the date it was filed in the office of the County Clerk. A new Fictitious Business Name Statement must be filed prior to that date. The filing of this statement does not of itself authorize the use in this state of a Fictitious Business Name in violation of the rights of another under Federal, State, or common law (see Section 14411 et seq. Business and Professions Code)Publish: Mountain Views News Dates Pub: May 17, 24, 31, June 07, 2014
FICTITIOUS BUSINESS NAME STATEMENT File No. 2014-131047
The following person(s) is (are) doing business as: ROSECRANS TIRE SHOP, 401 E. ROSECRANS AVE., COMPTON, CA 90221. Full name of registrant(s) is (are) JUAN CARLOS VALLEJO, 401 E. ROSECRANS AVE., COMPTON, CA 90221. This Business is conducted by: A GENERAL PARTNERSHIP. Signed: JUAN CARLOS VALLEJO. This statement was filed with the County Clerk of Los Angeles County on 05/14/2014. The registrant(s) has (have) commenced to transact business under the fictitious business name or names listed above on N/A. NOTICE: This Fictitious Name Statement expires five years from the date it was filed in the office of the County Clerk. A new Fictitious Business Name Statement must be filed prior to that date. The filing of this statement does not of itself authorize the use in this state of a Fictitious Business Name in violation of the rights of another under Federal, State, or common law (see Section 14411 et seq. Business and Professions Code)Publish: Mountain Views News Dates Pub: May 17, 24, 31, June 07, 2014
FICTITIOUS BUSINESS NAME STATEMENT File No. 2014-131204
The following person(s) is (are) doing business as: SKYDREAMS, 15512 CALMVIEW AVE., BALDWIN PARK, CA 91706. Full name of registrant(s) is (are) SKYDREAMS INTERNATIONAL GROUP INC., 15125 ADAMVIEW AVE., BALDWIN PARK, CA 91706. This Business is conducted by: A CORPORATION. Signed: JENNY ZENG. This statement was filed with the County Clerk of Los Angeles County on 05/14/2014. The registrant(s) has (have) commenced to transact business under the fictitious business name or names listed above on N/A. NOTICE: This Fictitious Name Statement expires five years from the date it was filed in the office of the County Clerk. A new Fictitious Business Name Statement must be filed prior to that date. The filing of this statement does not of itself authorize the use in this state of a Fictitious Business Name in violation of the rights of another under Federal, State, or common law (see Section 14411 et seq. Business and Professions Code)Publish: Mountain Views News Dates Pub: May 17, 24, 31, June 07, 2014
FICTITIOUS BUSINESS NAME STATEMENT File No. 2014-131284
The following person(s) is (are) doing business as: SPIRITUAL WEB GUNN AVE, WHITTIER, CA 90605. Full name of registrant(s) is (are) ROBERT CARLOS SORIANO, 9226 GUNN AVE., WHITTIER, CA 90605. This Business is conducted by: AN INDIVIDUAL. Signed: ROBERT CARLOS SORIANO. This statement was filed with the County Clerk of Los Angeles County on 05/14/2014. The registrant(s) has (have) commenced to transact business under the fictitious business name or names listed above on N/A. NOTICE: This Fictitious Name Statement expires five years from the date it was filed in the office of the County Clerk. A new Fictitious Business Name Statement must be filed prior to that date. The filing of this statement does not of itself authorize the use in this state of a Fictitious Business Name in violation of the rights of another under Federal, State, or common law (see Section 14411 et seq. Business and Professions Code)Publish: Mountain Views News Dates Pub: May 17, 24, 31, June 07, 2014
FICTITIOUS BUSINESS NAME STATEMENT File No. 2014-131315
The following person(s) is (are) doing business as: STEAKS, 1203 N. COMMONWEALTH AVE., L.A., CA 90029. Full name of registrant(s) is (are) FRANCISCO JAVIER LOPEZ HERNANDEZ, 1203 N. COMMONWEALTH AVE., L.A., CA 90029. This Business is conducted by: AN INDIVIDUAL. Signed: FRANCISCO JAVIER LOPEZ HERNANDEZ. This statement was filed with the County Clerk of Los Angeles County on 05/14/2014. The registrant(s) has (have) commenced to transact business under the fictitious business name or names listed above on N/A. NOTICE: This Fictitious Name Statement expires five years from the date it was filed in the office of the County Clerk. A new Fictitious Business Name Statement must be filed prior to that date. The filing of this statement does not of itself authorize the use in this state of a Fictitious Business Name in violation of the rights of another under Federal, State, or common law (see Section 14411 et seq. Business and Professions Code)Publish: Mountain Views News Dates Pub: May 17, 24, 31, June 07, 2014
FICTITIOUS BUSINESS NAME STATEMENT File No. 2014-129249
The following person(s) is (are) doing business as: SUAREZ AUTO DETAILING, 2100 E. TOPAZ, LA HABRA, CA 90631. Full name of registrant(s) is (are) JUAN ALFREDO SUAREZ, 2100 E. TOPAZ, LA HABRA, CA 90631. This Business is conducted by: AN INDIVIDUAL. Signed: JUAN ALFREDO SUAREZ. This statement was filed with the County Clerk of Los Angeles County on 05/12/2014. The registrant(s) has (have) commenced to transact business under the fictitious business name or names listed above on N/A. NOTICE: This Fictitious Name Statement expires five years from the date it was filed in the office of the County Clerk. A new Fictitious Business Name Statement must be filed prior to that date. The filing of this statement does not of itself authorize the use in this state of a Fictitious Business Name in violation of the rights of another under Federal, State, or common law (see Section 14411 et seq. Business and Professions Code)Publish: Mountain Views News Dates Pub: May 17, 24, 31, June 07, 2014
FICTITIOUS BUSINESS NAME STATEMENT File No. 2014-128943
The following person(s) is (are) doing business as: SUCCESS TILES, OPERATIONS, 550 E. CENTERVIEW DR., L.A., CA 90746. Full name of registrant(s) is (are) LUCIUS SANCHEZ, 350 E. CENTERVIEW DR., L.A., CA 90746; ROBIN L. SANCHEZ, 350 E. CENTERVIEW DR. L.A., CA 90746. This Business is conducted by: A GENERAL PARTNERSHIP. Signed: LUCIUS SANCHEZ. This statement was filed with the County Clerk of Los Angeles County on 05/12/2014. The registrant(s) has (have) commenced to transact business under the fictitious business name or names listed above on N/A. NOTICE: This Fictitious Name Statement expires five years from the date it was filed in the office of the County Clerk. A new Fictitious Business Name Statement must be filed prior to that date. The filing of this statement does not of itself authorize the use in this state of a Fictitious Business Name in violation of the rights of another under Federal, State, or common law (see Section 14411 et seq. Business and Professions Code)Publish: Mountain Views News Dates Pub: May 17, 24, 31, June 07, 2014
FICTITIOUS BUSINESS NAME STATEMENT File No. 2014-130171
The following person(s) is (are) doing business as: SUPERIOR MEDICAL BILLING, 9870 MAPLEWOOD ST., BELLFLOWER, CA 90706. Full name of registrant(s) is (are) CLAUDE FRANKLIN SMITH JR., 9870 MAPLEWOOD ST., BELLFLOWER, CA 90706. This Business is conducted by: AN INDIVIDUAL. Signed: CLAUDE FRANKLIN SMITH JR. This statement was filed with the County Clerk of Los Angeles County on 05/13/2014. The registrant(s) has (have) commenced to transact business under the fictitious business name or names listed above on N/A. NOTICE: This Fictitious Name Statement expires five years from the date it was filed in the office of the County Clerk. A new Fictitious Business Name Statement must be filed prior to that date. The filing of this statement does not of itself authorize the use in this state of a Fictitious Business Name in violation of the rights of another under Federal, State, or common law (see Section 14411 et seq. Business and Professions Code)Publish: Mountain Views News Dates Pub: May 17, 24, 31, June 07, 2014
FICTITIOUS BUSINESS NAME STATEMENT File No. 2014-128707
The following person(s) is (are) doing business as: SUPERIOR PRODUCE AND SUPPLY, 10755 LOWER AZUSA RD. #A, EL MONTE, CA 91731. Full name of registrant(s) is (are) MIGUEL RAMON PRADO GOMEZ, 287 E. ARBETH ST., RIALTO, CA 92377. This Business is conducted by: AN INDIVIDUAL. Signed: MIGUEL RAMON PRADO GOMEZ. This statement was filed with the County Clerk of Los Angeles County on 05/12/2014. The registrant(s) has (have) commenced to transact business under the fictitious business name or names listed above on N/A. NOTICE: This Fictitious Name Statement expires five years from the date it was filed in the office of the County Clerk. A new Fictitious Business Name Statement must be filed prior to that date. The filing of this statement does not of itself authorize the use in this state of a Fictitious Business Name in violation of the rights of another under Federal, State, or common law (see Section 14411 et seq. Business and Professions Code)Publish: Mountain Views News Dates Pub: May 17, 24, 31, June 07, 2014
FICTITIOUS BUSINESS NAME STATEMENT File No. 2014-132819
The following person(s) is (are) doing business as: SYSTEMS SYSTEMSAI1 DOCUMENT MANAGEMENT SYSTEMS, MEDIASOFT SERVICES, 964 E. BADILLO ST. #238, COVINA, CA 91724. Full name of registrant(s) is (are) ALAN SHIN, 964 E. BADILLO ST. #238, COVINA, CA 91724. This Business is conducted by: AN INDIVIDUAL. Signed: ALAN SHIN. This statement was filed with the County Clerk of Los Angeles County on 05/15/2014. The registrant(s) has (have) commenced to transact business under the fictitious business name or names listed above on N/A. NOTICE: This Fictitious Name Statement expires five years from the date it was filed in the office of the County Clerk. A new Fictitious Business Name Statement must be filed prior to that date. The filing of this statement does not of itself authorize the use in this state of a Fictitious Business Name in violation of the rights of another under Federal, State, or common law (see Section 14411 et seq. Business and Professions Code)Publish: Mountain Views News Dates Pub: May 17, 24, 31, June 07, 2014
FICTITIOUS BUSINESS NAME STATEMENT File No. 2014-128415
The following person(s) is (are) doing business as: THE DINER DETECTIVE, 6506 ATLANTIC AVE. #194, LONG BEACH, CA 90805. Full name of registrant(s) is (are) JANUS ENTERTAINMENT GROUP, INC., 6304 ATLANTIC AVE. #194, LONG BEACH, CA 90805. This Business is conducted by: A CORPORATION. Signed: KASEY LAMBERT. This statement was filed with the County Clerk of Los Angeles County on 05/09/2014. The registrant(s) has (have) commenced to transact business under the fictitious business name or names listed above on 02/13/2011. NOTICE: This Fictitious Name Statement expires five years from the date it was filed in the office of the County Clerk. A new Fictitious Business Name Statement must be filed prior to that date. The filing of this statement does not of itself authorize the use in this state of a Fictitious Business Name in violation of the rights of another under Federal, State, or common law (see Section 14411 et seq. Business and Professions Code)Publish: Mountain Views News Dates Pub: May 17, 24, 31, June 07, 2014
FICTITIOUS BUSINESS NAME STATEMENT File No. 2014-130039
The following person(s) is (are) doing business as: THE GREEN PREP, 1845 S. LONGWOOD AVE. #2, L.A., CA 90019. Full name of registrant(s) is (are) MARCUS CHOW, 1845 S. LONGWOOD AVE. #2, L.A., CA 90019. This Business is conducted by: AN INDIVIDUAL. Signed: MARCUS CHOW. This statement was filed with the County Clerk of Los Angeles County on 05/13/2014. The registrant(s) has (have) commenced to transact business under the fictitious business name or names listed above on N/A. NOTICE: This Fictitious Name Statement expires five years from the date it was filed in the office of the County Clerk. A new Fictitious Business Name Statement must be filed prior to that date. The filing of this statement does not of itself authorize the use in this state of a Fictitious Business Name in violation of the rights of another under Federal, State, or common law (see Section 14411 et seq. Business and Professions Code)Publish: Mountain Views News Dates Pub: May 17, 24, 31, June 07, 2014
FICTITIOUS BUSINESS NAME STATEMENT File No. 2014-129818
The following person(s) is (are) doing business as: TOSCANO'S GIFT & ACCESSORIES, JOHANA'S CHECK CASHING, 246 E. EL SEGUNDO BLVD. #3, L.A., CA 90061. Full name of registrant(s) is (are) FABIOLA HERANDIA, 246 E. EL SEGUNDO BLVD. #3, L.A., CA 90061. This Business is conducted by: A CORPORATION. Signed: FABIOLA HERANDIA. This statement was filed with the County Clerk of Los Angeles County on 05/12/2014. The registrant(s) has (have) commenced to transact business under the fictitious business name or names listed above on N/A. NOTICE: This Fictitious Name Statement expires five years from the date it was filed in the office of the County Clerk. A new Fictitious Business Name Statement must be filed prior to that date. The filing of this statement does not of itself authorize the use in this state of a Fictitious Business Name in violation of the rights of another under Federal, State, or common law (see Section 14411 et seq. Business and Professions Code)Publish: Mountain Views News Dates Pub: May 17, 24, 31, June 07, 2014
FICTITIOUS BUSINESS NAME STATEMENT File No. 2014-129109
The following person(s) is (are) doing business as: TRANSIT ON UNDISCLOSED LIVING, 2103 FOOTHILL BLVD. #B180, LA VERNE, CA 91750. Full name of registrant(s) is (are) FERNANDO O'BRIEN, 2103 FOOTHILL BLVD. #B180, LA VERNE, CA 91750. This Business is conducted by: A CORPORATION. Signed: FERNANDO O'BRIEN. This statement was filed with the County Clerk of Los Angeles County on 05/12/2014. The registrant(s) has (have) commenced to transact business under the fictitious business name or names listed above on N/A. NOTICE: This Fictitious Name Statement expires five years from the date it was filed in the office of the County Clerk. A new Fictitious Business Name Statement must be filed prior to that date. The filing of this statement does not of itself authorize the use in this state of a Fictitious Business Name in violation of the rights of another under Federal, State, or common law (see Section 14411 et seq. Business and Professions Code)Publish: Mountain Views News Dates Pub: May 17, 24, 31, June 07, 2014
FICTITIOUS BUSINESS NAME STATEMENT File No. 2014-135264
The following person(s) is (are) doing business as: TWO SISTERS FASHION, 10720 LAKEWOOD BLVD., DOWNEY, CA 90241. Full name of registrant(s) is (are) RONALD GRANIA LUZARDO, 10720 LAKEWOOD BLVD., DOWNEY, CA 90241. This Business is conducted by: AN INDIVIDUAL. Signed: RONALD GRANIA LUZARDO. This statement was filed with the County Clerk of Los Angeles County on 05/16/2014. The registrant(s) has (have) commenced to transact business under the fictitious business name or names listed above on N/A. NOTICE: This Fictitious Name Statement expires five years from the date it was filed in the office of the County Clerk. A new Fictitious Business Name Statement must be filed prior to that date. The filing of this statement does not of itself authorize the use in this state of a Fictitious Business Name in violation of the rights of another under Federal, State, or common law (see Section 14411 et seq. Business and Professions Code)Publish: Mountain Views News Dates Pub: May 17, 24, 31, June 07, 2014
FICTITIOUS BUSINESS NAME STATEMENT File No. 2014-125088
The following person(s) is (are) doing business as: EN'T, 753 E. 49th ST., L.A., CA 90011. Full name of registrant(s) is (are) ELI TRINIDAD VALENZUELA, 753 E. 49th ST., L.A., CA 90011. This Business is conducted by: AN INDIVIDUAL. Signed: ELI TRINIDAD VALENZUELA. This statement was filed with the County Clerk of Los Angeles County on 05/09/2014. The registrant(s) has (have) commenced to transact business under the fictitious business name or names listed above on N/A. NOTICE: This Fictitious Name Statement expires five years from the date it was filed in the office of the County Clerk. A new Fictitious Business Name Statement must be filed prior to that date. The filing of this statement does not of itself authorize the use in this state of a Fictitious Business Name in violation of the rights of another under Federal, State, or common law (see Section 14411 et seq. Business and Professions Code)Publish: Mountain Views News Dates Pub: May 17, 24, 31, June 07, 2014
FICTITIOUS BUSINESS NAME STATEMENT File No. 2014-127835
The following person(s) is (are) doing business as: VICANDISH, LITTLE MAGGIE'S, 8303 MARTON AVE., PANORAMA CITY, CA 91402. Full name of registrant(s) is (are) PENNA LINCOLN, 8303 MARTON AVE., PANORAMA CITY, CA 91402. This Business is conducted by: A LIMITED LIABILITY COMPANY. Signed: KIMBERLY VIVIANO. This statement was filed with the County Clerk of Los Angeles County on 05/09/2014. The registrant(s) has (have) commenced to transact business under the fictitious business name or names listed above on 04/09/2014. NOTICE: This Fictitious Name Statement expires five years from the date it was filed in the office of the County Clerk. A new Fictitious Business Name Statement must be filed prior to that date. The filing of this statement does not of itself authorize the use in this state of a Fictitious Business Name in violation of the rights of another under Federal, State, or common law (see Section 14411 et seq. Business and Professions Code)Publish: Mountain Views News Dates Pub: May 17, 24, 31, June 07, 2014
FICTITIOUS BUSINESS NAME STATEMENT File No. 2014-131513
The following person(s) is (are) doing business as: VIP DRIVING SCHOOL, 436 E. DIXON ST., COMPTON, CA 90222. Full name of registrant(s) is (are) ALBERTO HERNANDEZ ROJAS, 436 E. DIXON ST., COMPTON, CA 90222. This Business is conducted by: AN INDIVIDUAL. Signed: ALBERTO HERNANDEZ ROJAS. This statement was filed with the County Clerk of Los Angeles County on 05/14/2014. The registrant(s) has (have) commenced to transact business under the fictitious business name or names listed above on N/A. NOTICE: This Fictitious Name Statement expires five years from the date it was filed in the office of the County Clerk. A new Fictitious Business Name Statement must be filed prior to that date. The filing of this statement does not of itself authorize the use in this state of a Fictitious Business Name in violation of the rights of another under Federal, State, or common law (see Section 14411 et seq. Business and Professions Code)Publish: Mountain Views News Dates Pub: May 17, 24, 31, June 07, 2014
FICTITIOUS BUSINESS NAME STATEMENT File No. 2014-133424
The following person(s) is (are) doing business as: WALLYWIT ASSOCIATES, 1100 W. CAMERON AVE. STE 100, WEST COVINA, CA 91790. Full name of registrant(s) is (are) OSCAR WALTERS, 1100 W. CAMERON AVE. STE 100, WEST COVINA, CA 91790. This Business is conducted by: AN INDIVIDUAL. Signed: OSCAR WALTERS. This statement was filed with the County Clerk of Los Angeles County on 05/15/2014. The registrant(s) has (have) commenced to transact business under the fictitious business name or names listed above on N/A. NOTICE: This Fictitious Name Statement expires five years from the date it was filed in the office of the County Clerk. A new Fictitious Business Name Statement must be filed prior to that date. The filing of this statement does not of itself authorize the use in this state of a Fictitious Business Name in violation of the rights of another under Federal, State, or common law (see Section 14411 et seq. Business and Professions Code)Publish: Mountain Views News Dates Pub: May 17, 24, 31, June 07, 2014
FICTITIOUS BUSINESS NAME STATEMENT File No. 2014-131387
The following person(s) is (are) doing business as: 2 NURSES TO NORMA CALLEJANIO, 11718½ 219th ST., L.A., CA 90715. Full name of registrant(s) is (are) NORMA ESTHER VENTURE, 11718½ 219th ST., L.A., CA 90715. This Business is conducted by: JOINT VENTURE. Signed: NORMA CALLEJANIO. This statement was filed with the County Clerk of Los Angeles County on 05/14/2014. The registrant(s) has (have) commenced to transact business under the fictitious business name or names listed above on N/A. NOTICE: This Fictitious Name Statement expires five years from the date it was filed in the office of the County Clerk. A new Fictitious Business Name Statement must be filed prior to that date. The filing of this statement does not of itself authorize the use in this state of a Fictitious Business Name in violation of the rights of another under Federal, State, or common law (see Section 14411 et seq. Business and Professions Code)Publish: Mountain Views News Dates Pub: May 17, 24, 31, June 07, 2014
FICTITIOUS BUSINESS NAME STATEMENT File No. 2014-126561
The following person(s) is (are) doing business as: ZOE FASHION, 655 S. LOS ANGELES ST., L.A., CA 90014. Full name of registrant(s) is (are) VICTOR VERGARA, 655 S. LOS ANGELES ST., L.A., CA 90014. This Business is conducted by: AN INDIVIDUAL. Signed: VICTOR VERGARA. This statement was filed with the County Clerk of Los Angeles County on 05/09/2014. The registrant(s) has (have) commenced to transact business under the fictitious business name or names listed above on N/A. NOTICE: This Fictitious Name Statement expires five years from the date it was filed in the office of the County Clerk. A new Fictitious Business Name Statement must be filed prior to that date. The filing of this statement does not of itself authorize the use in this state of a Fictitious Business Name in violation of the rights of another under Federal, State, or common law (see Section 14411 et seq. Business and Professions Code)Publish: Mountain Views News Dates Pub: May 17, 24, 31, June 07, 2014
FILE NO. 2014-130184
STATEMENT OF ABANDONMENT OF USE OF FICTITIOUS BUSINESS NAME. The following person(s) MARIA ELINA MACHE, 7215 S. BROADWAY, L.A., CA 90003, has/have abandoned the use of the fictitious business name: ERIC'S BARBER SHOP AND BEAUTY SALON #2, 7215 S. BROADWAY, L.A., CA 90003. The fictitious business name referred to above was filed in the County of Los Angeles on 05/13/2014. The business information in this statement is true and correct. (A registrant who declares as true information which he or she knows to be false, is guilty of a crime.) Signed: ELINA MACHELINDNER. Publish: Mountain Views News Dates Pub: May 17, 24, 31, June 07, 2014
FICTITIOUS BUSINESS NAME STATEMENT File No. 2014-105004
The following person(s) is (are) doing business as: HCG HOLDING, 300 E. COLORADO BLVD STE 509, PASADENA, CA 91101. Full name of registrant(s) is (are) WAYPOINT MARRIAGE THERAPY CENTER PROFESSIONAL CORPORATION, 300 E. COLORADO BLVD. SUITE 509, PASADENA, CA 91101. This Business is conducted by: A CORPORATION. Signed: RICHARD GIBSON. This statement was filed with the County Clerk of Los Angeles County on 04/16/2014. The registrant(s) has (have) commenced to transact business under the fictitious business name or names listed above on N/A. NOTICE: This Fictitious Name Statement expires five years from the date it was filed in the office of the County Clerk. A new Fictitious Business Name Statement must be filed prior to that date. The filing of this statement does not of itself authorize the use in this state of a Fictitious Business Name in violation of the rights of another under Federal, State, or common law (see Section 14411 et seq. Business and Professions Code)Publish: Mountain Views News Dates Pub: May 17, 24, 31, June 07, 2014
FICTITIOUS BUSINESS NAME STATEMENT File No. 2014-121137
The following person(s) is (are) doing business as: BN SPECIALTIES, 260 E. VERNON AVE., LOS ANGELES, CA 90004. Full name of registrant(s) is (are) ALMITED ENTERPRISE CO. INC., 208 E. GRANDVIEW AVE., SIERRA MADRE, CA 91024. This Business is conducted by: A LIMITED LIABILITY COMPANY. Signed: BINYA LOPEZ. This statement was filed with the County Clerk of Los Angeles County on 05/09/2014. The registrant(s) has (have) commenced to transact business under the fictitious business name or names listed above on N/A. NOTICE: This Fictitious Name Statement expires five years from the date it was filed in the office of the County Clerk. A new Fictitious Business Name Statement must be filed prior to that date. The filing of this statement does not of itself authorize the use in this state of a Fictitious Business Name in violation of the rights of another under Federal, State, or common law (see Section 14411 et seq. Business and Professions Code)Publish: Mountain Views News Dates Pub: May 17, 24, 31, June 07, 2014
Mountain Views News 80 W Sierra Madre Blvd. No. 327 Sierra Madre, Ca. 91024 Office: 626.355.2737 Fax: 626.609.3285
Email: editor@mtnviewsnews.com Website: www.mtnviewsnews.com
